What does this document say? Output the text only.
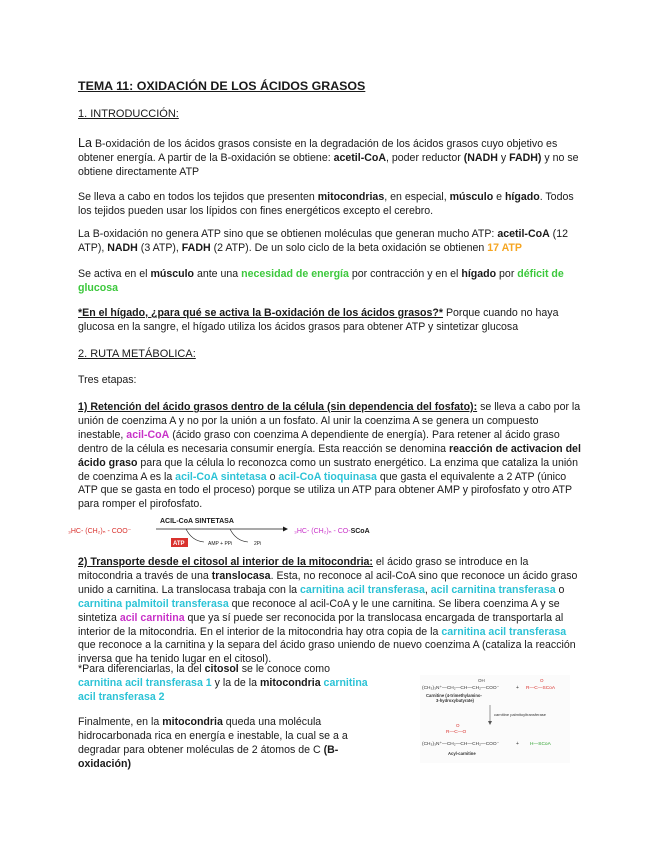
TEMA 11: OXIDACIÓN DE LOS ÁCIDOS GRASOS
1. INTRODUCCIÓN:

La B-oxidación de los ácidos grasos consiste en la degradación de los ácidos grasos cuyo objetivo es obtener energía. A partir de la B-oxidación se obtiene: acetil-CoA, poder reductor (NADH y FADH) y no se obtiene directamente ATP

Se lleva a cabo en todos los tejidos que presenten mitocondrias, en especial, músculo e hígado. Todos los tejidos pueden usar los lípidos con fines energéticos excepto el cerebro.

La B-oxidación no genera ATP sino que se obtienen moléculas que generan mucho ATP: acetil-CoA (12 ATP), NADH (3 ATP), FADH (2 ATP). De un solo ciclo de la beta oxidación se obtienen 17 ATP

Se activa en el músculo ante una necesidad de energía por contracción y en el hígado por déficit de glucosa

*En el hígado, ¿para qué se activa la B-oxidación de los ácidos grasos?* Porque cuando no haya glucosa en la sangre, el hígado utiliza los ácidos grasos para obtener ATP y sintetizar glucosa

2. RUTA METÁBOLICA:

Tres etapas:

1) Retención del ácido grasos dentro de la célula (sin dependencia del fosfato): se lleva a cabo por la unión de coenzima A y no por la unión a un fosfato. Al unir la coenzima A se genera un compuesto inestable, acil-CoA (ácido graso con coenzima A dependiente de energía). Para retener al ácido graso dentro de la célula es necesaria consumir energía. Esta reacción se denomina reacción de activacion del ácido graso para que la célula lo reconozca como un sustrato energético. La enzima que cataliza la unión de coenzima A es la acil-CoA sintetasa o acil-CoA tioquinasa que gasta el equivalente a 2 ATP (único ATP que se gasta en todo el proceso) porque se utiliza un ATP para obtener AMP y pirofosfato y otro ATP para romper el pirofosfato.

2) Transporte desde el citosol al interior de la mitocondria: el ácido graso se introduce en la mitocondria a través de una translocasa. Esta, no reconoce al acil-CoA sino que reconoce un ácido graso unido a carnitina. La translocasa trabaja con la carnitina acil transferasa, acil carnitina transferasa o carnitina palmitoil transferasa que reconoce al acil-CoA y le une carnitina. Se libera coenzima A y se sintetiza acil carnitina que ya sí puede ser reconocida por la translocasa encargada de transportarla al interior de la mitocondria. En el interior de la mitocondria hay otra copia de la carnitina acil transferasa que reconoce a la carnitina y la separa del ácido graso uniendo de nuevo coenzima A (cataliza la reacción inversa que ha tenido lugar en el citosol).

*Para diferenciarlas, la del citosol se le conoce como carnitina acil transferasa 1 y la de la mitocondria carnitina acil transferasa 2

Finalmente, en la mitocondria queda una molécula hidrocarbonada rica en energía e inestable, la cual se a a degradar para obtener moléculas de 2 átomos de C (B-oxidación)

ACIL-CoA SINTETASA
₃HC- (CH₂)ₙ - COO⁻
ATP	AMP + PPi	2Pi
₃HC- (CH₂)ₙ - CO-SCoA
OH
(CH₃)₃N⁺—CH₂—CH—CH₂—COO⁻	+
O
R—C—SCoA
Carnitine (4-trimethylamino-
3-hydroxybutyrate)
carnitine palmitoyltransferase
O
R—C—O
(CH₃)₃N⁺—CH₂—CH—CH₂—COO⁻	+ H—SCoA
Acyl-carnitine
